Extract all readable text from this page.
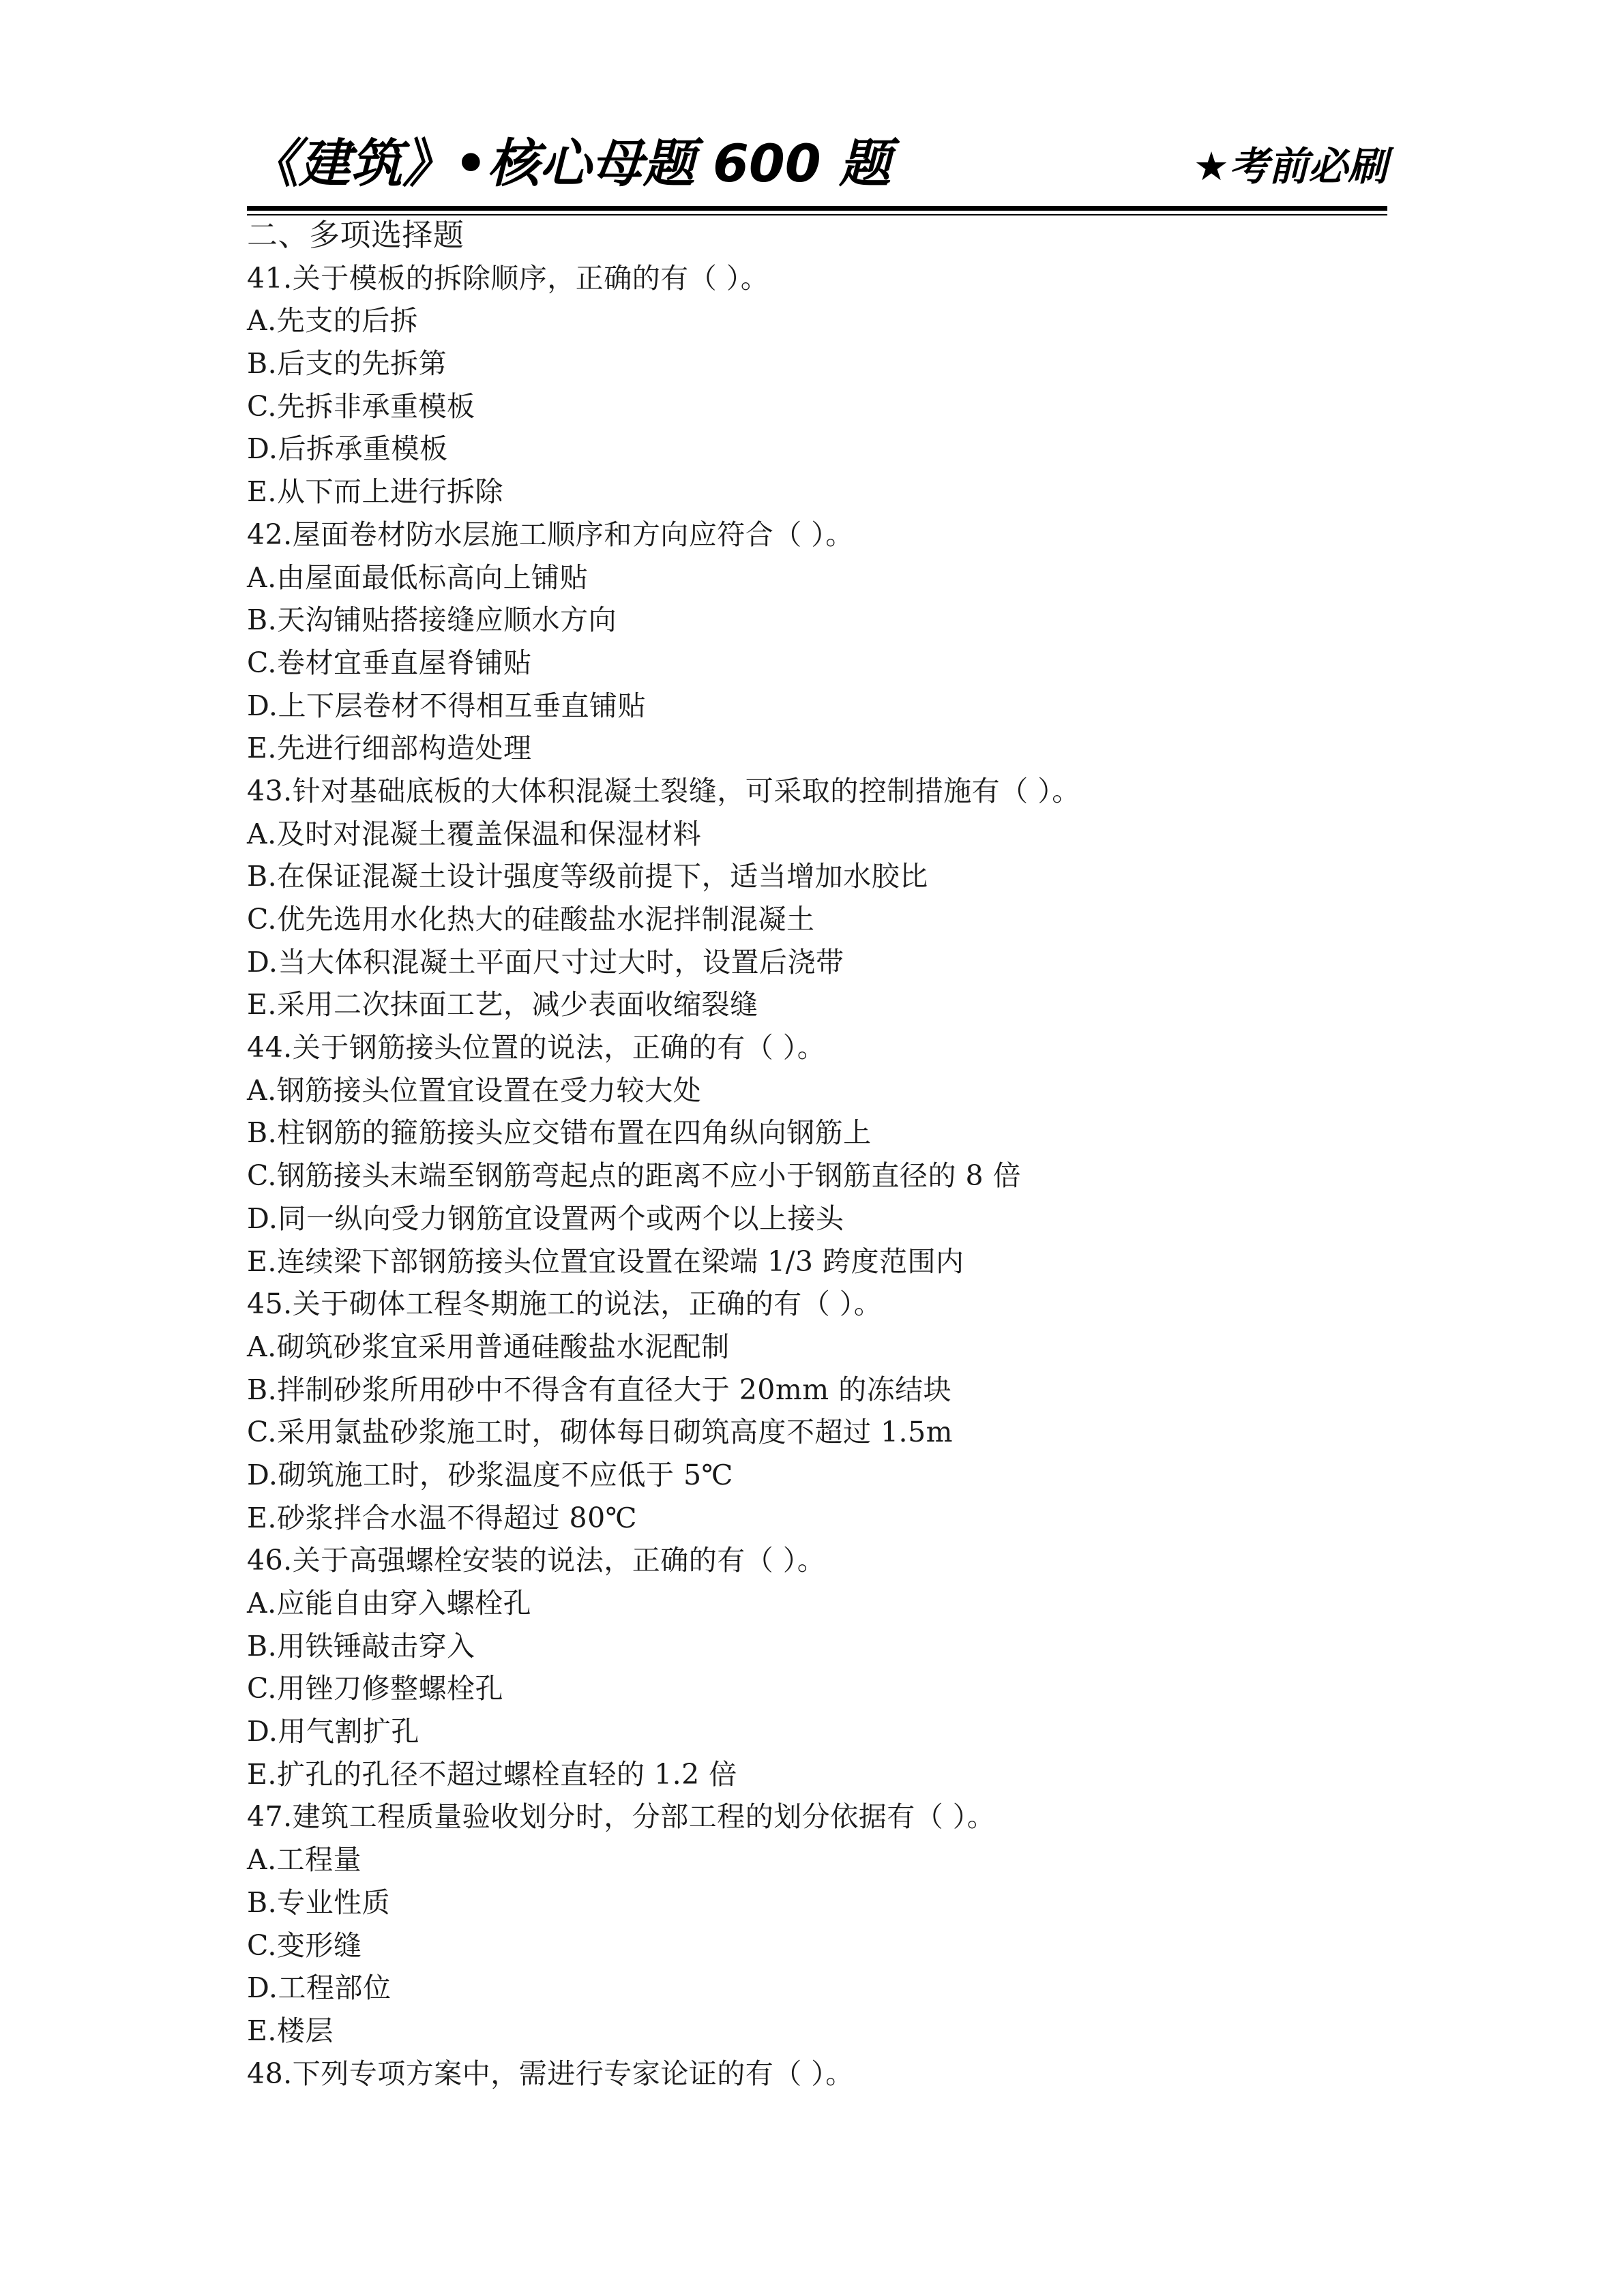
《建筑》•核心母题 600 题	★考前必刷
二、多项选择题
41.关于模板的拆除顺序，正确的有（ ）。
A.先支的后拆
B.后支的先拆第
C.先拆非承重模板
D.后拆承重模板
E.从下而上进行拆除
42.屋面卷材防水层施工顺序和方向应符合（ ）。
A.由屋面最低标高向上铺贴
B.天沟铺贴搭接缝应顺水方向
C.卷材宜垂直屋脊铺贴
D.上下层卷材不得相互垂直铺贴
E.先进行细部构造处理
43.针对基础底板的大体积混凝土裂缝，可采取的控制措施有（ ）。
A.及时对混凝土覆盖保温和保湿材料
B.在保证混凝土设计强度等级前提下，适当增加水胶比
C.优先选用水化热大的硅酸盐水泥拌制混凝土
D.当大体积混凝土平面尺寸过大时，设置后浇带
E.采用二次抹面工艺，减少表面收缩裂缝
44.关于钢筋接头位置的说法，正确的有（ ）。
A.钢筋接头位置宜设置在受力较大处
B.柱钢筋的箍筋接头应交错布置在四角纵向钢筋上
C.钢筋接头末端至钢筋弯起点的距离不应小于钢筋直径的 8 倍
D.同一纵向受力钢筋宜设置两个或两个以上接头
E.连续梁下部钢筋接头位置宜设置在梁端 1/3 跨度范围内
45.关于砌体工程冬期施工的说法，正确的有（ ）。
A.砌筑砂浆宜采用普通硅酸盐水泥配制
B.拌制砂浆所用砂中不得含有直径大于 20mm 的冻结块
C.采用氯盐砂浆施工时，砌体每日砌筑高度不超过 1.5m
D.砌筑施工时，砂浆温度不应低于 5℃
E.砂浆拌合水温不得超过 80℃
46.关于高强螺栓安装的说法，正确的有（ ）。
A.应能自由穿入螺栓孔
B.用铁锤敲击穿入
C.用锉刀修整螺栓孔
D.用气割扩孔
E.扩孔的孔径不超过螺栓直轻的 1.2 倍
47.建筑工程质量验收划分时，分部工程的划分依据有（ ）。
A.工程量
B.专业性质
C.变形缝
D.工程部位
E.楼层
48.下列专项方案中，需进行专家论证的有（ ）。
